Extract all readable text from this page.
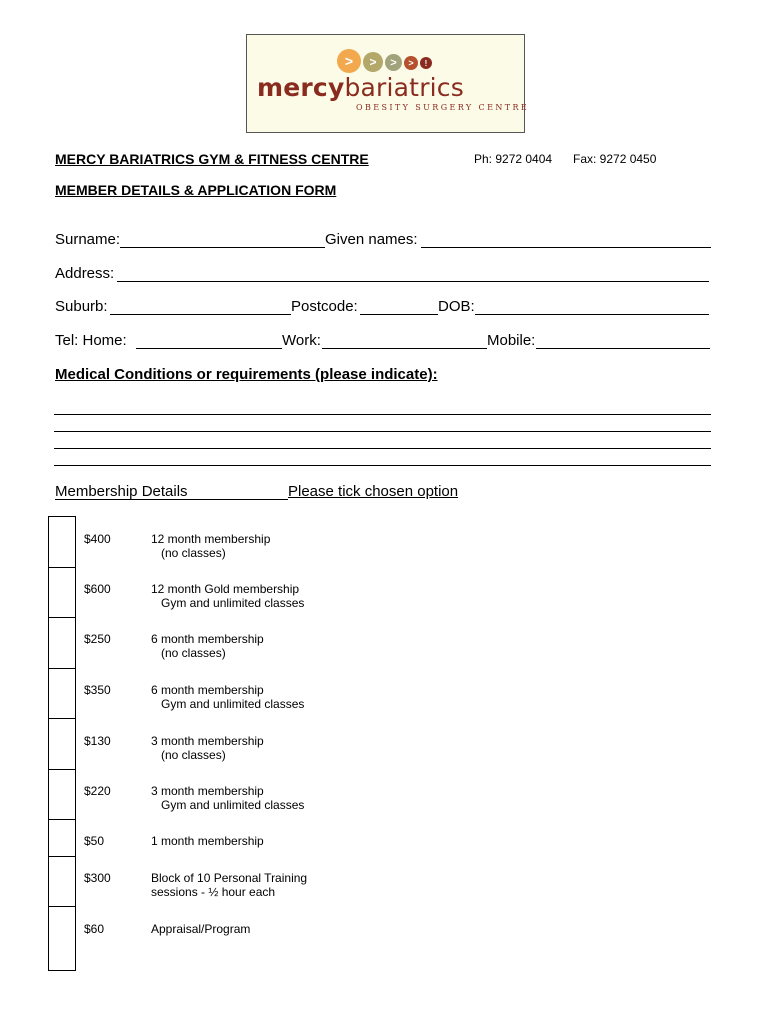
>	>	>	>	!
mercybariatrics
OBESITY SURGERY CENTRE
MERCY BARIATRICS GYM & FITNESS CENTRE	Ph: 9272 0404 Fax: 9272 0450
MEMBER DETAILS & APPLICATION FORM
Surname:	Given names:
Address:
Suburb:	Postcode:	DOB:
Tel: Home:	Work:	Mobile:
Medical Conditions or requirements (please indicate):
Membership Details	Please tick chosen option
$400	12 month membership
(no classes)
$600	12 month Gold membership
Gym and unlimited classes
$250	6 month membership
(no classes)
$350	6 month membership
Gym and unlimited classes
$130	3 month membership
(no classes)
$220	3 month membership
Gym and unlimited classes
$50	1 month membership
$300	Block of 10 Personal Training
sessions - ½ hour each
$60	Appraisal/Program
